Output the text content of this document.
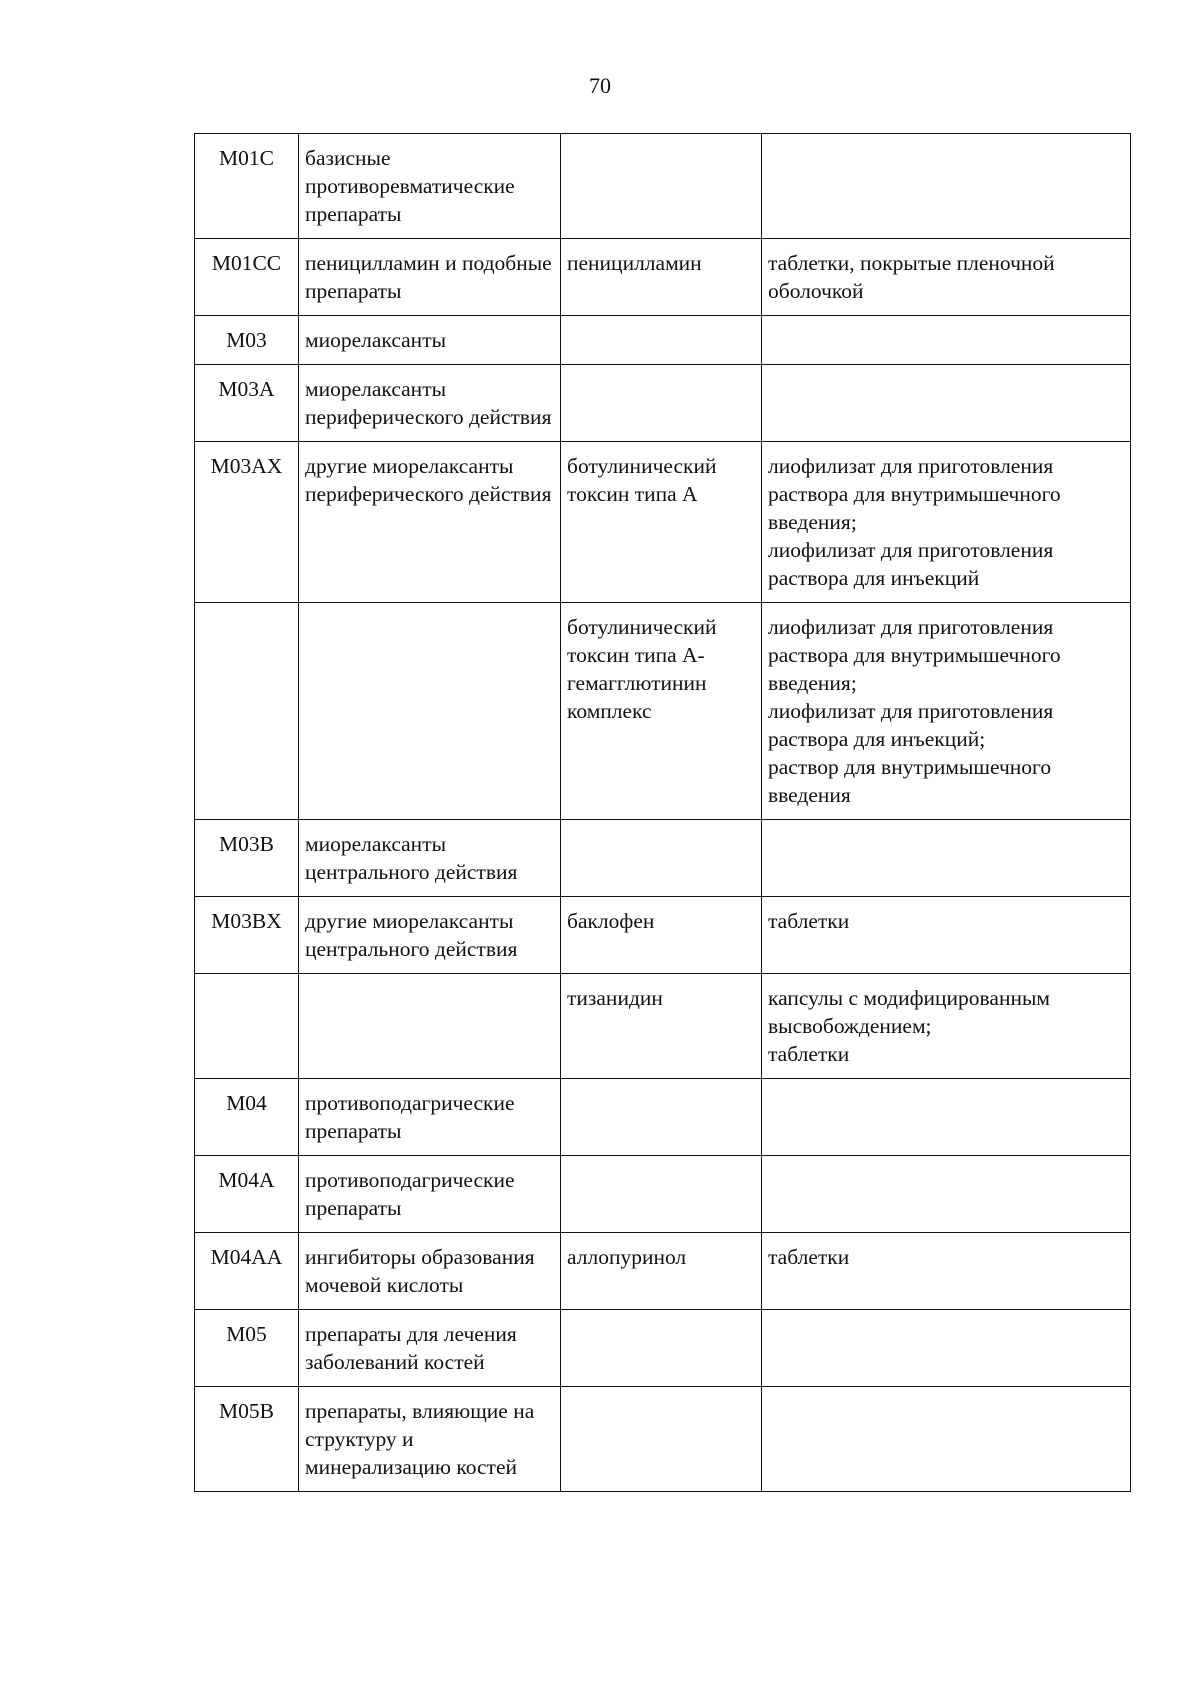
70
M01C	базисные противоревматические препараты		
M01CC	пеницилламин и подобные препараты	пеницилламин	таблетки, покрытые пленочной оболочкой

M03	миорелаксанты		
M03A	миорелаксанты периферического действия		
M03AX	другие миорелаксанты периферического действия	ботулинический токсин типа A	лиофилизат для приготовления раствора для внутримышечного введения;
лиофилизат для приготовления раствора для инъекций

		ботулинический токсин типа A-гемагглютинин комплекс	лиофилизат для приготовления раствора для внутримышечного введения;
лиофилизат для приготовления раствора для инъекций;
раствор для внутримышечного введения

M03B	миорелаксанты центрального действия		
M03BX	другие миорелаксанты центрального действия	баклофен	таблетки

		тизанидин	капсулы с модифицированным высвобождением;
таблетки

M04	противоподагрические препараты		
M04A	противоподагрические препараты		
M04AA	ингибиторы образования мочевой кислоты	аллопуринол	таблетки

M05	препараты для лечения заболеваний костей		
M05B	препараты, влияющие на структуру и минерализацию костей		
